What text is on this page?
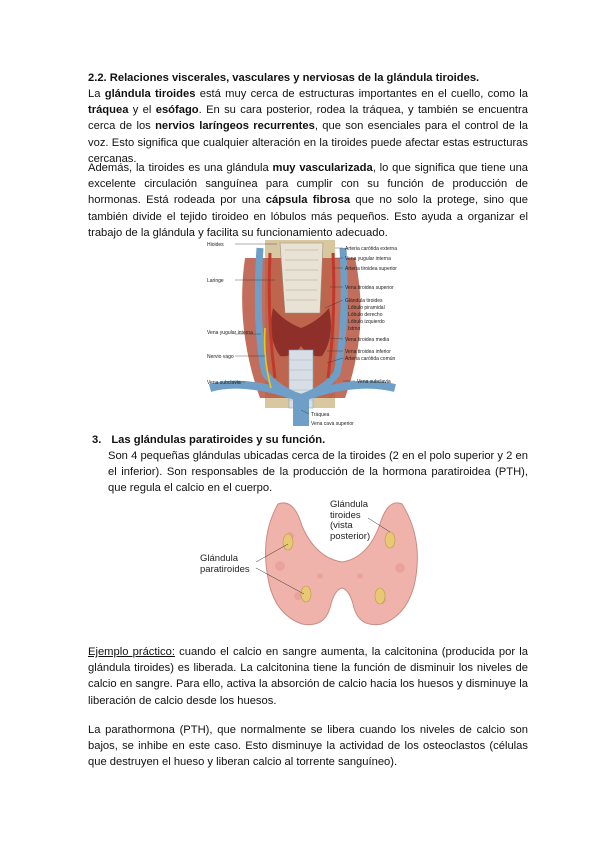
2.2. Relaciones viscerales, vasculares y nerviosas de la glándula tiroides.

La glándula tiroides está muy cerca de estructuras importantes en el cuello, como la tráquea y el esófago. En su cara posterior, rodea la tráquea, y también se encuentra cerca de los nervios laríngeos recurrentes, que son esenciales para el control de la voz. Esto significa que cualquier alteración en la tiroides puede afectar estas estructuras cercanas.

Además, la tiroides es una glándula muy vascularizada, lo que significa que tiene una excelente circulación sanguínea para cumplir con su función de producción de hormonas. Está rodeada por una cápsula fibrosa que no solo la protege, sino que también divide el tejido tiroideo en lóbulos más pequeños. Esto ayuda a organizar el trabajo de la glándula y facilita su funcionamiento adecuado.

Hioides
Laringe
Vena yugular interna
Nervio vago
Vena subclavia
Arteria carótida externa
Vena yugular interna
Arteria tiroidea superior
Vena tiroidea superior
Glándula tiroides
Lóbulo piramidal
Lóbulo derecho
Lóbulo izquierdo
Istmo
Vena tiroidea media
Vena tiroidea inferior
Arteria carótida común
Vena subclavia
Tráquea
Vena cava superior

3. Las glándulas paratiroides y su función.

Son 4 pequeñas glándulas ubicadas cerca de la tiroides (2 en el polo superior y 2 en el inferior). Son responsables de la producción de la hormona paratiroidea (PTH), que regula el calcio en el cuerpo.

Glándula
tiroides
(vista
posterior)
Glándula
paratiroides

Ejemplo práctico: cuando el calcio en sangre aumenta, la calcitonina (producida por la glándula tiroides) es liberada. La calcitonina tiene la función de disminuir los niveles de calcio en sangre. Para ello, activa la absorción de calcio hacia los huesos y disminuye la liberación de calcio desde los huesos.

La parathormona (PTH), que normalmente se libera cuando los niveles de calcio son bajos, se inhibe en este caso. Esto disminuye la actividad de los osteoclastos (células que destruyen el hueso y liberan calcio al torrente sanguíneo).
